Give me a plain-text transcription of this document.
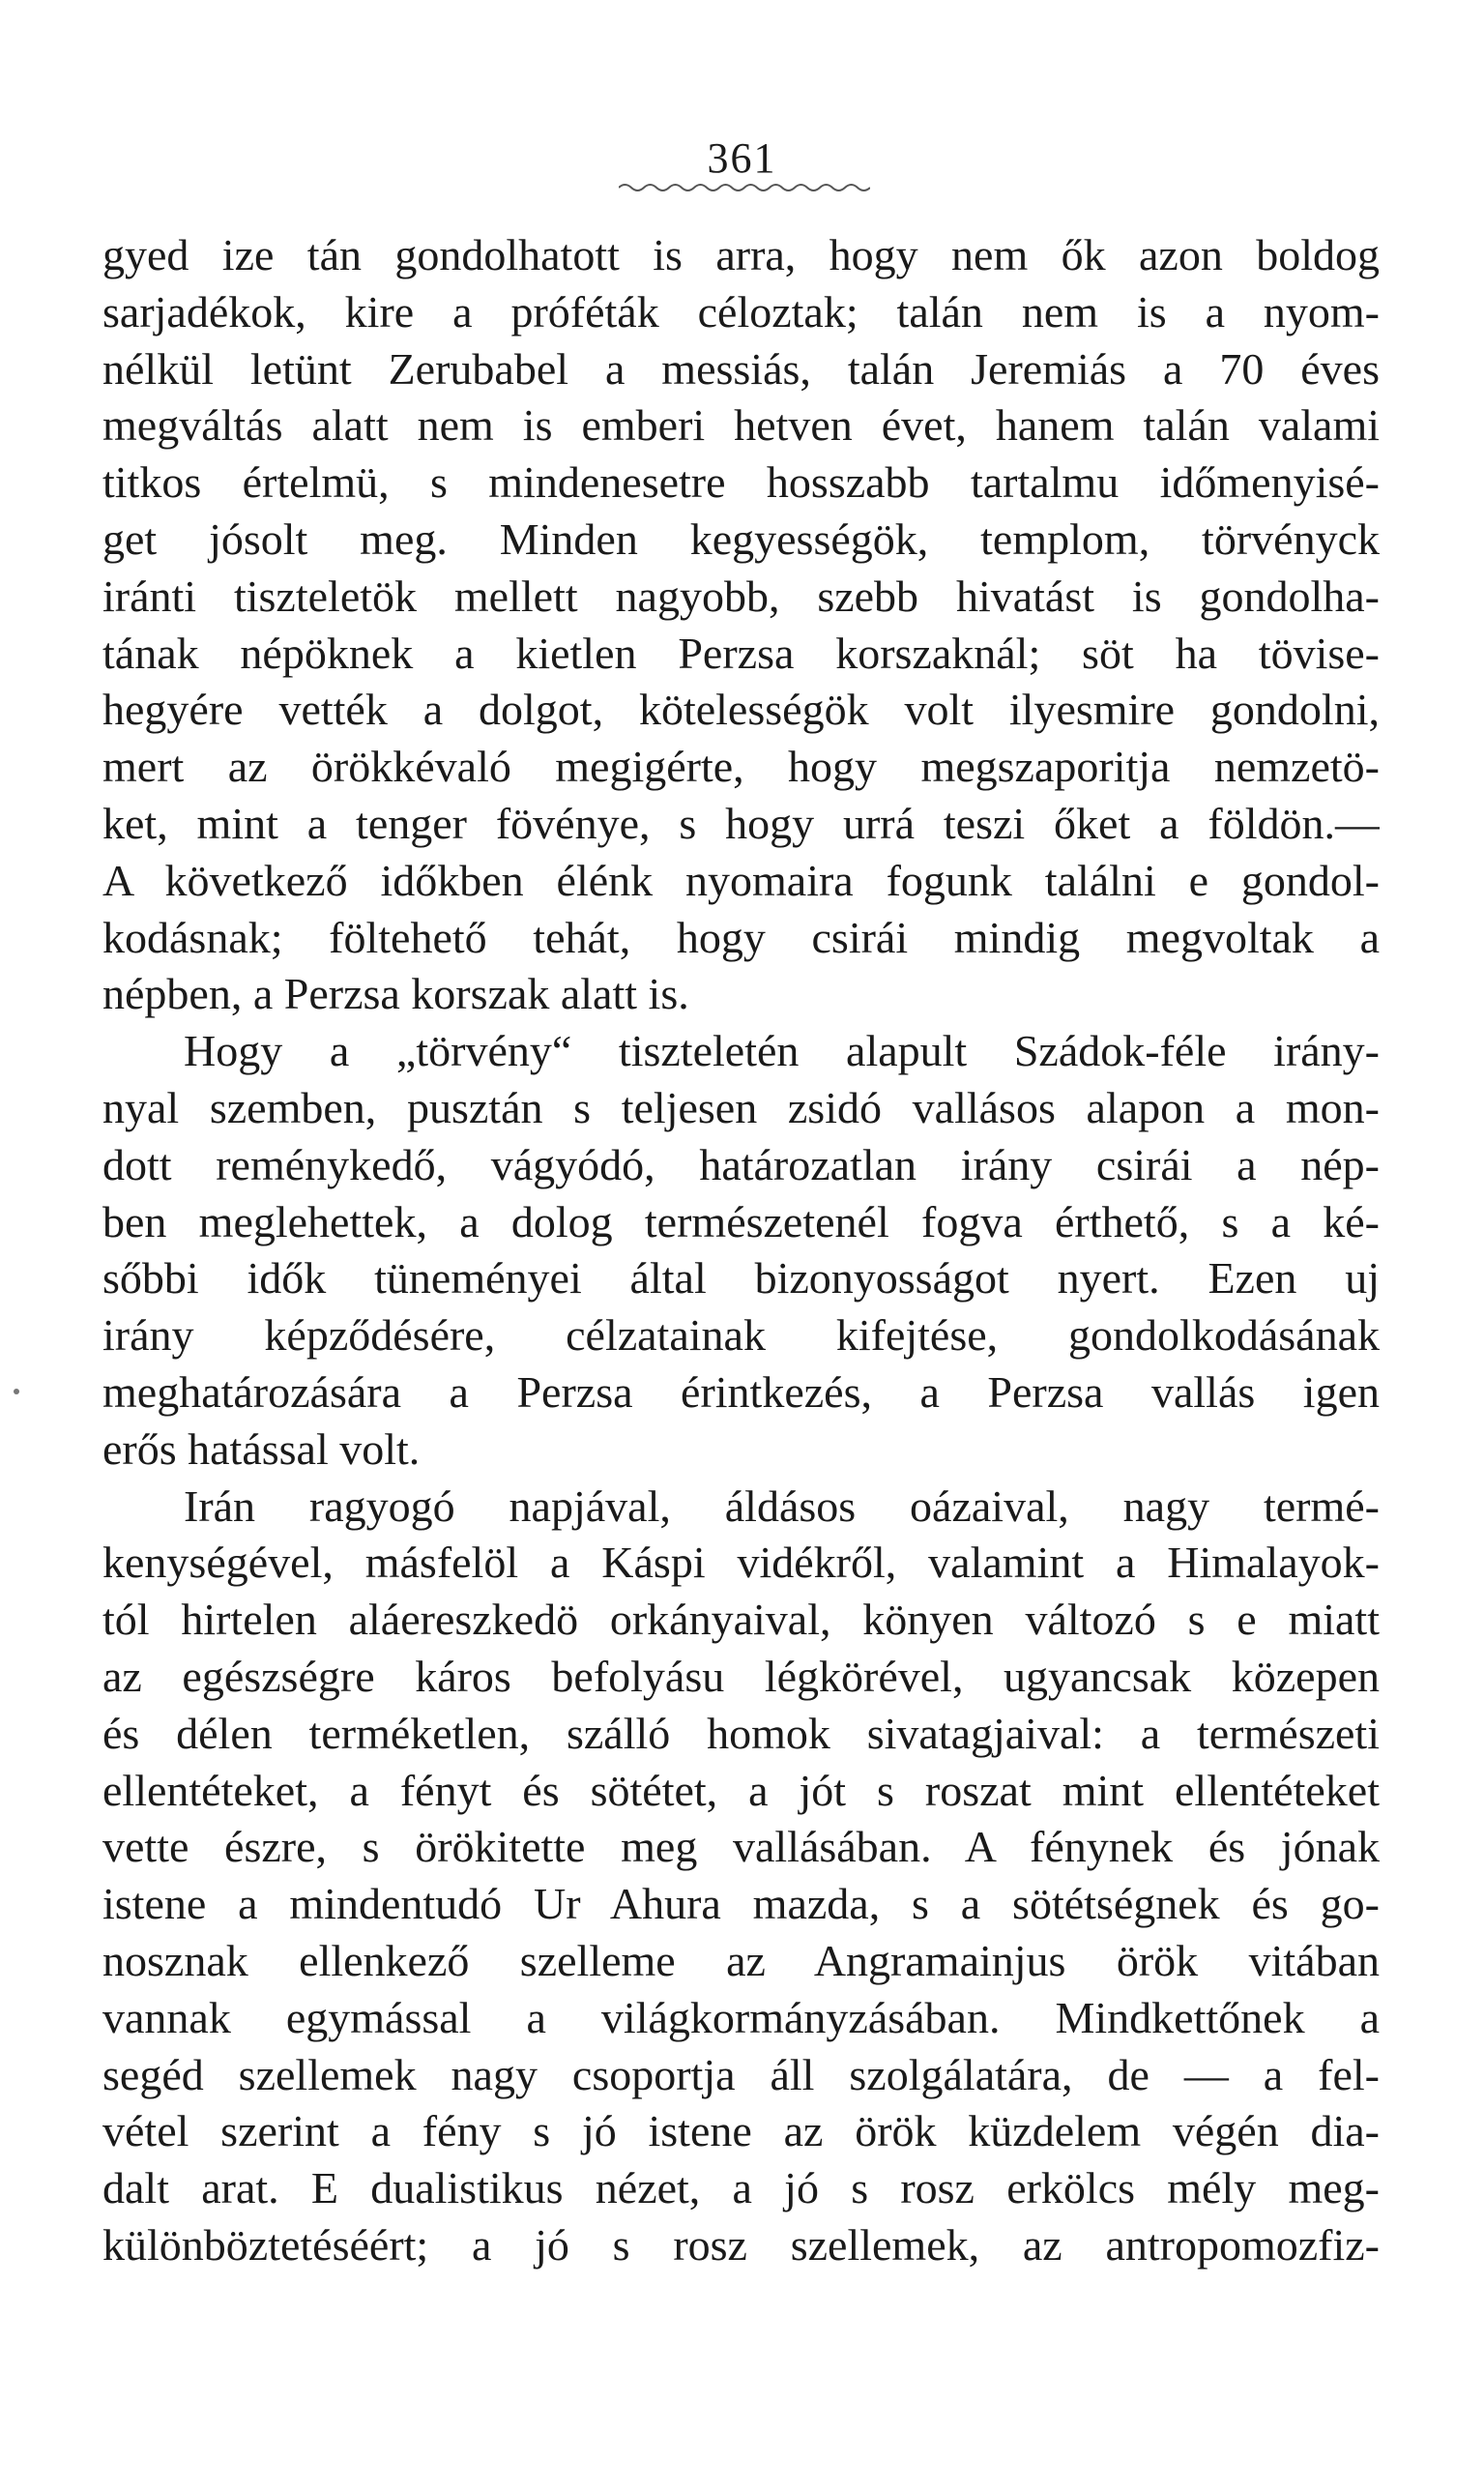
361
gyed ize tán gondolhatott is arra, hogy nem ők azon boldog
sarjadékok, kire a próféták céloztak; talán nem is a nyom-
nélkül letünt Zerubabel a messiás, talán Jeremiás a 70 éves
megváltás alatt nem is emberi hetven évet, hanem talán valami
titkos értelmü, s mindenesetre hosszabb tartalmu időmenyisé-
get jósolt meg. Minden kegyességök, templom, törvényck
iránti tiszteletök mellett nagyobb, szebb hivatást is gondolha-
tának népöknek a kietlen Perzsa korszaknál; söt ha tövise-
hegyére vették a dolgot, kötelességök volt ilyesmire gondolni,
mert az örökkévaló megigérte, hogy megszaporitja nemzetö-
ket, mint a tenger fövénye, s hogy urrá teszi őket a földön.—
A következő időkben élénk nyomaira fogunk találni e gondol-
kodásnak; föltehető tehát, hogy csirái mindig megvoltak a
népben, a Perzsa korszak alatt is.
Hogy a „törvény“ tiszteletén alapult Szádok-féle irány-
nyal szemben, pusztán s teljesen zsidó vallásos alapon a mon-
dott reménykedő, vágyódó, határozatlan irány csirái a nép-
ben meglehettek, a dolog természetenél fogva érthető, s a ké-
sőbbi idők tüneményei által bizonyosságot nyert. Ezen uj
irány képződésére, célzatainak kifejtése, gondolkodásának
meghatározására a Perzsa érintkezés, a Perzsa vallás igen
erős hatással volt.
Irán ragyogó napjával, áldásos oázaival, nagy termé-
kenységével, másfelöl a Káspi vidékről, valamint a Himalayok-
tól hirtelen aláereszkedö orkányaival, könyen változó s e miatt
az egészségre káros befolyásu légkörével, ugyancsak közepen
és délen terméketlen, szálló homok sivatagjaival: a természeti
ellentéteket, a fényt és sötétet, a jót s roszat mint ellentéteket
vette észre, s örökitette meg vallásában. A fénynek és jónak
istene a mindentudó Ur Ahura mazda, s a sötétségnek és go-
nosznak ellenkező szelleme az Angramainjus örök vitában
vannak egymással a világkormányzásában. Mindkettőnek a
segéd szellemek nagy csoportja áll szolgálatára, de — a fel-
vétel szerint a fény s jó istene az örök küzdelem végén dia-
dalt arat. E dualistikus nézet, a jó s rosz erkölcs mély meg-
különböztetéséért; a jó s rosz szellemek, az antropomozfiz-
